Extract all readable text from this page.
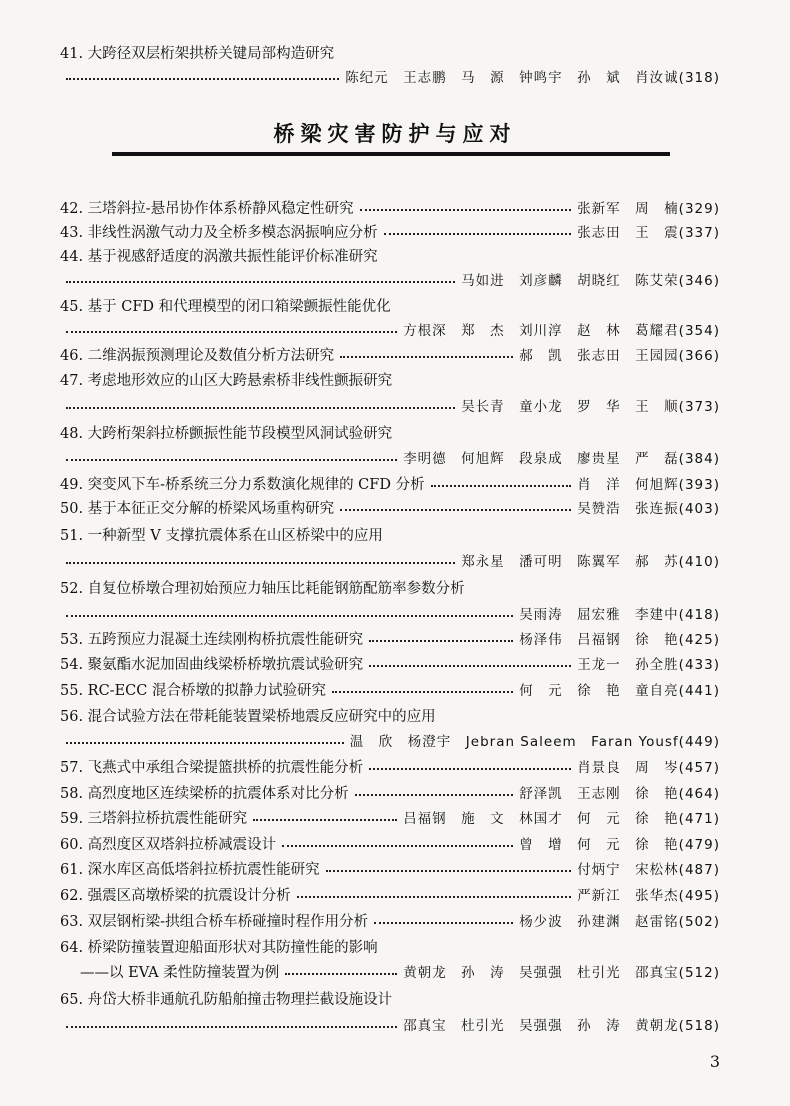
41. 大跨径双层桁架拱桥关键局部构造研究
陈纪元　王志鹏　马　源　钟鸣宇　孙　斌　肖汝诚(318)
桥梁灾害防护与应对
42. 三塔斜拉-悬吊协作体系桥静风稳定性研究	张新军　周　楠(329)
43. 非线性涡激气动力及全桥多模态涡振响应分析	张志田　王　震(337)
44. 基于视感舒适度的涡激共振性能评价标准研究
马如进　刘彦麟　胡晓红　陈艾荣(346)
45. 基于 CFD 和代理模型的闭口箱梁颤振性能优化
方根深　郑　杰　刘川淳　赵　林　葛耀君(354)
46. 二维涡振预测理论及数值分析方法研究	郝　凯　张志田　王园园(366)
47. 考虑地形效应的山区大跨悬索桥非线性颤振研究
吴长青　童小龙　罗　华　王　顺(373)
48. 大跨桁架斜拉桥颤振性能节段模型风洞试验研究
李明德　何旭辉　段泉成　廖贵星　严　磊(384)
49. 突变风下车-桥系统三分力系数演化规律的 CFD 分析	肖　洋　何旭辉(393)
50. 基于本征正交分解的桥梁风场重构研究	吴赞浩　张连振(403)
51. 一种新型 V 支撑抗震体系在山区桥梁中的应用
郑永星　潘可明　陈翼军　郝　苏(410)
52. 自复位桥墩合理初始预应力轴压比耗能钢筋配筋率参数分析
吴雨涛　屈宏雅　李建中(418)
53. 五跨预应力混凝土连续刚构桥抗震性能研究	杨泽伟　吕福钢　徐　艳(425)
54. 聚氨酯水泥加固曲线梁桥桥墩抗震试验研究	王龙一　孙全胜(433)
55. RC-ECC 混合桥墩的拟静力试验研究	何　元　徐　艳　童自亮(441)
56. 混合试验方法在带耗能装置梁桥地震反应研究中的应用
温　欣　杨澄宇　Jebran Saleem　Faran Yousf(449)
57. 飞燕式中承组合梁提篮拱桥的抗震性能分析	肖景良　周　岑(457)
58. 高烈度地区连续梁桥的抗震体系对比分析	舒泽凯　王志刚　徐　艳(464)
59. 三塔斜拉桥抗震性能研究	吕福钢　施　文　林国才　何　元　徐　艳(471)
60. 高烈度区双塔斜拉桥减震设计	曾　增　何　元　徐　艳(479)
61. 深水库区高低塔斜拉桥抗震性能研究	付炳宁　宋松林(487)
62. 强震区高墩桥梁的抗震设计分析	严新江　张华杰(495)
63. 双层钢桁梁-拱组合桥车桥碰撞时程作用分析	杨少波　孙建渊　赵雷铭(502)
64. 桥梁防撞装置迎船面形状对其防撞性能的影响
——以 EVA 柔性防撞装置为例	黄朝龙　孙　涛　吴强强　杜引光　邵真宝(512)
65. 舟岱大桥非通航孔防船舶撞击物理拦截设施设计
邵真宝　杜引光　吴强强　孙　涛　黄朝龙(518)
3
